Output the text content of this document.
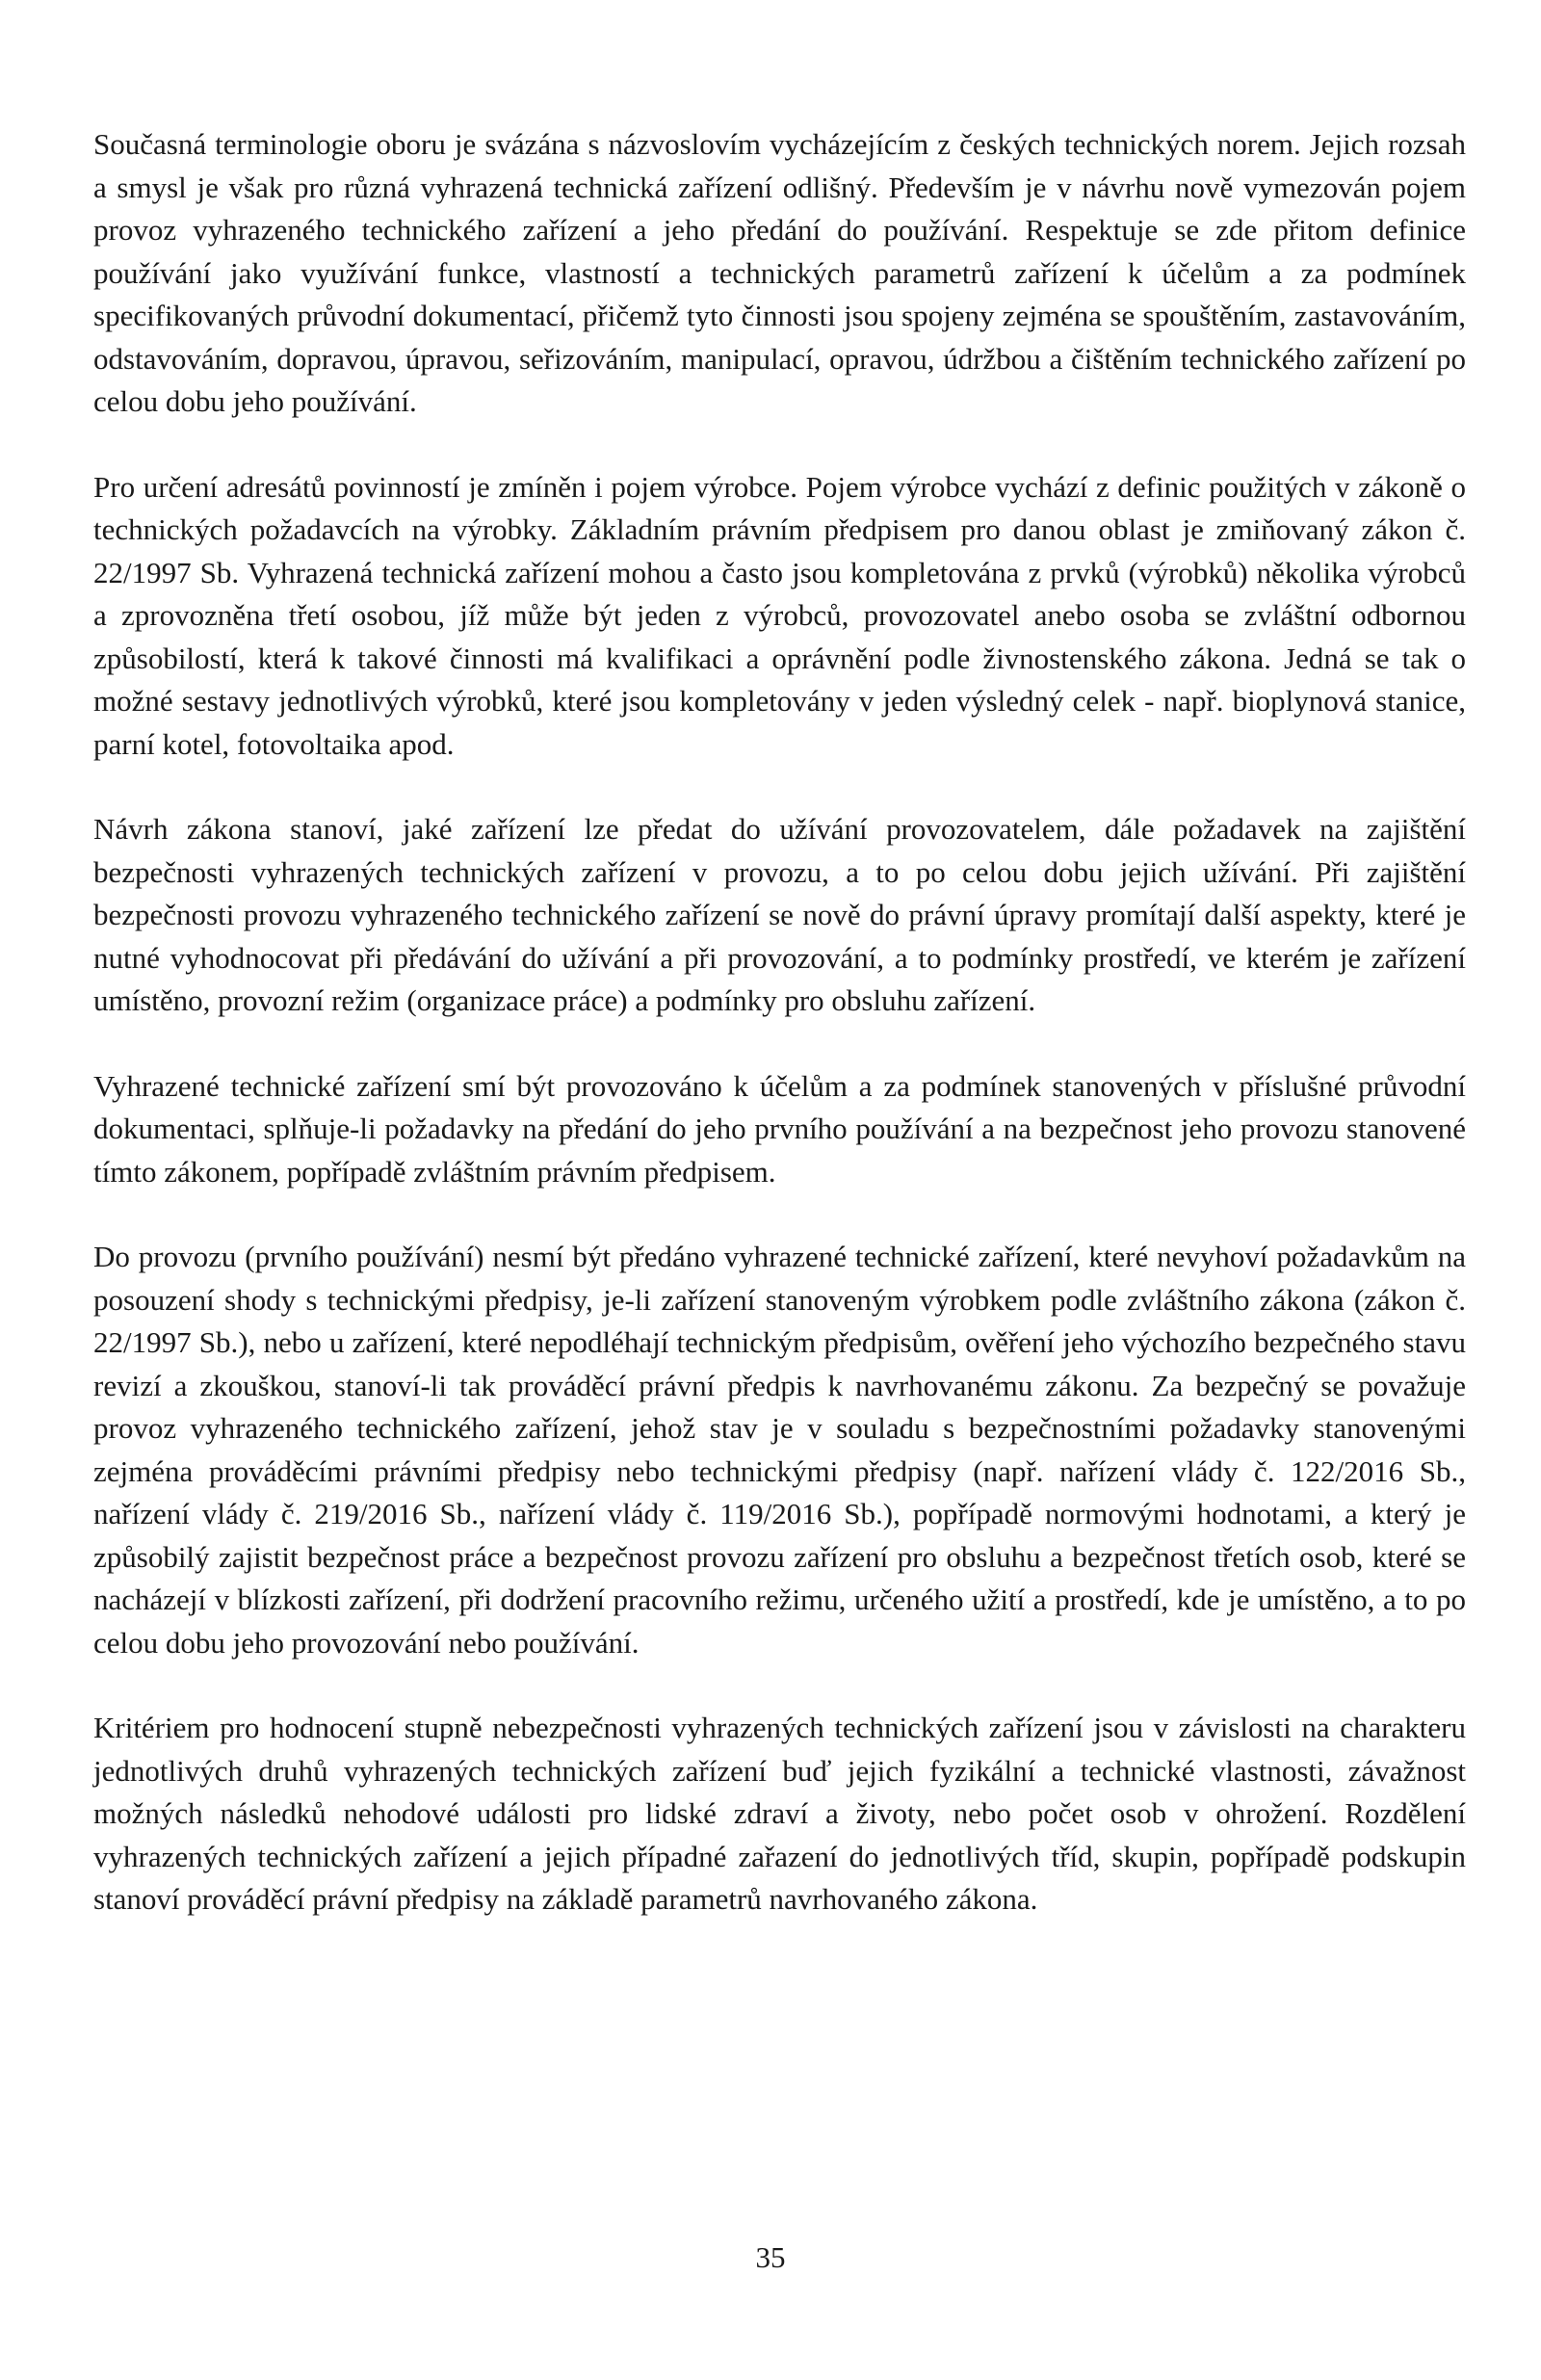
Současná terminologie oboru je svázána s názvoslovím vycházejícím z českých technických norem. Jejich rozsah a smysl je však pro různá vyhrazená technická zařízení odlišný. Především je v návrhu nově vymezován pojem provoz vyhrazeného technického zařízení a jeho předání do používání. Respektuje se zde přitom definice používání jako využívání funkce, vlastností a technických parametrů zařízení k účelům a za podmínek specifikovaných průvodní dokumentací, přičemž tyto činnosti jsou spojeny zejména se spouštěním, zastavováním, odstavováním, dopravou, úpravou, seřizováním, manipulací, opravou, údržbou a čištěním technického zařízení po celou dobu jeho používání.

Pro určení adresátů povinností je zmíněn i pojem výrobce. Pojem výrobce vychází z definic použitých v zákoně o technických požadavcích na výrobky. Základním právním předpisem pro danou oblast je zmiňovaný zákon č. 22/1997 Sb. Vyhrazená technická zařízení mohou a často jsou kompletována z prvků (výrobků) několika výrobců a zprovozněna třetí osobou, jíž může být jeden z výrobců, provozovatel anebo osoba se zvláštní odbornou způsobilostí, která k takové činnosti má kvalifikaci a oprávnění podle živnostenského zákona. Jedná se tak o možné sestavy jednotlivých výrobků, které jsou kompletovány v jeden výsledný celek - např. bioplynová stanice, parní kotel, fotovoltaika apod.

Návrh zákona stanoví, jaké zařízení lze předat do užívání provozovatelem, dále požadavek na zajištění bezpečnosti vyhrazených technických zařízení v provozu, a to po celou dobu jejich užívání. Při zajištění bezpečnosti provozu vyhrazeného technického zařízení se nově do právní úpravy promítají další aspekty, které je nutné vyhodnocovat při předávání do užívání a při provozování, a to podmínky prostředí, ve kterém je zařízení umístěno, provozní režim (organizace práce) a podmínky pro obsluhu zařízení.

Vyhrazené technické zařízení smí být provozováno k účelům a za podmínek stanovených v příslušné průvodní dokumentaci, splňuje-li požadavky na předání do jeho prvního používání a na bezpečnost jeho provozu stanovené tímto zákonem, popřípadě zvláštním právním předpisem.

Do provozu (prvního používání) nesmí být předáno vyhrazené technické zařízení, které nevyhoví požadavkům na posouzení shody s technickými předpisy, je-li zařízení stanoveným výrobkem podle zvláštního zákona (zákon č. 22/1997 Sb.), nebo u zařízení, které nepodléhají technickým předpisům, ověření jeho výchozího bezpečného stavu revizí a zkouškou, stanoví-li tak prováděcí právní předpis k navrhovanému zákonu. Za bezpečný se považuje provoz vyhrazeného technického zařízení, jehož stav je v souladu s bezpečnostními požadavky stanovenými zejména prováděcími právními předpisy nebo technickými předpisy (např. nařízení vlády č. 122/2016 Sb., nařízení vlády č. 219/2016 Sb., nařízení vlády č. 119/2016 Sb.), popřípadě normovými hodnotami, a který je způsobilý zajistit bezpečnost práce a bezpečnost provozu zařízení pro obsluhu a bezpečnost třetích osob, které se nacházejí v blízkosti zařízení, při dodržení pracovního režimu, určeného užití a prostředí, kde je umístěno, a to po celou dobu jeho provozování nebo používání.

Kritériem pro hodnocení stupně nebezpečnosti vyhrazených technických zařízení jsou v závislosti na charakteru jednotlivých druhů vyhrazených technických zařízení buď jejich fyzikální a technické vlastnosti, závažnost možných následků nehodové události pro lidské zdraví a životy, nebo počet osob v ohrožení. Rozdělení vyhrazených technických zařízení a jejich případné zařazení do jednotlivých tříd, skupin, popřípadě podskupin stanoví prováděcí právní předpisy na základě parametrů navrhovaného zákona.

35
